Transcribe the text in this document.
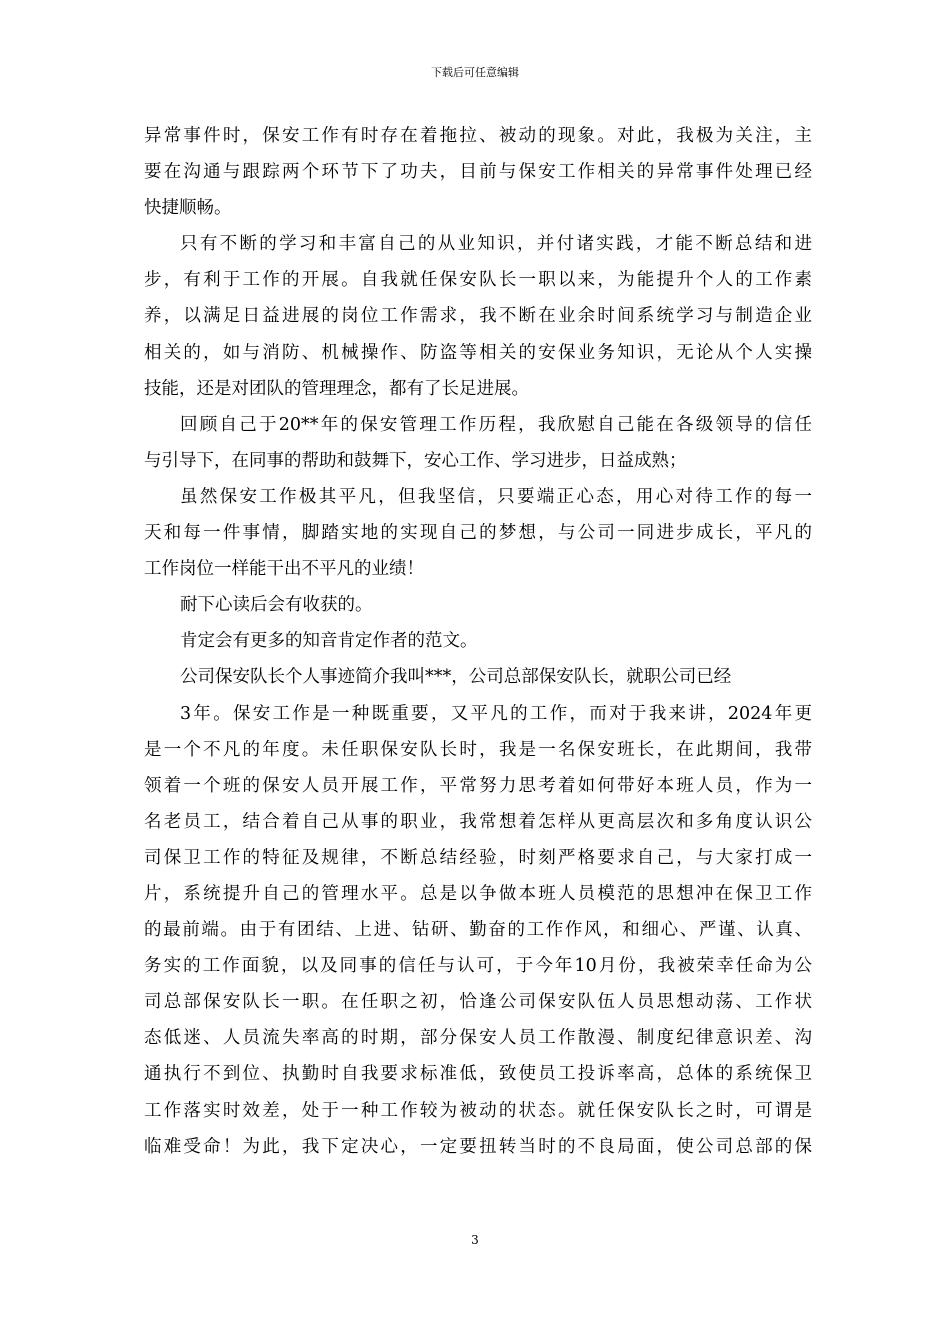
下载后可任意编辑
异常事件时，保安工作有时存在着拖拉、被动的现象。对此，我极为关注，主
要在沟通与跟踪两个环节下了功夫，目前与保安工作相关的异常事件处理已经
快捷顺畅。
只有不断的学习和丰富自己的从业知识，并付诸实践，才能不断总结和进
步，有利于工作的开展。自我就任保安队长一职以来，为能提升个人的工作素
养，以满足日益进展的岗位工作需求，我不断在业余时间系统学习与制造企业
相关的，如与消防、机械操作、防盗等相关的安保业务知识，无论从个人实操
技能，还是对团队的管理理念，都有了长足进展。
回顾自己于20**年的保安管理工作历程，我欣慰自己能在各级领导的信任
与引导下，在同事的帮助和鼓舞下，安心工作、学习进步，日益成熟；
虽然保安工作极其平凡，但我坚信，只要端正心态，用心对待工作的每一
天和每一件事情，脚踏实地的实现自己的梦想，与公司一同进步成长，平凡的
工作岗位一样能干出不平凡的业绩！
耐下心读后会有收获的。
肯定会有更多的知音肯定作者的范文。
公司保安队长个人事迹简介我叫***，公司总部保安队长，就职公司已经
3年。保安工作是一种既重要，又平凡的工作，而对于我来讲，2024年更
是一个不凡的年度。未任职保安队长时，我是一名保安班长，在此期间，我带
领着一个班的保安人员开展工作，平常努力思考着如何带好本班人员，作为一
名老员工，结合着自己从事的职业，我常想着怎样从更高层次和多角度认识公
司保卫工作的特征及规律，不断总结经验，时刻严格要求自己，与大家打成一
片，系统提升自己的管理水平。总是以争做本班人员模范的思想冲在保卫工作
的最前端。由于有团结、上进、钻研、勤奋的工作作风，和细心、严谨、认真、
务实的工作面貌，以及同事的信任与认可，于今年10月份，我被荣幸任命为公
司总部保安队长一职。在任职之初，恰逢公司保安队伍人员思想动荡、工作状
态低迷、人员流失率高的时期，部分保安人员工作散漫、制度纪律意识差、沟
通执行不到位、执勤时自我要求标准低，致使员工投诉率高，总体的系统保卫
工作落实时效差，处于一种工作较为被动的状态。就任保安队长之时，可谓是
临难受命！为此，我下定决心，一定要扭转当时的不良局面，使公司总部的保
3
